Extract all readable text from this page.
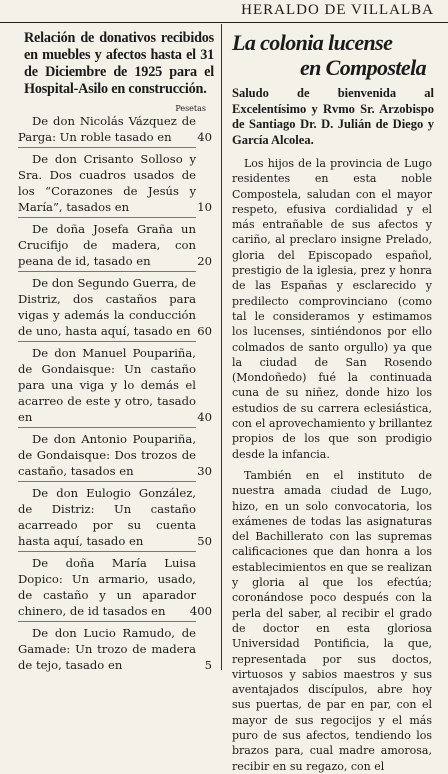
HERALDO DE VILLALBA
Relación de donativos recibidos en muebles y afectos hasta el 31 de Diciembre de 1925 para el Hospital-Asilo en construcción.
Pesetas
De don Nicolás Vázquez de Parga: Un roble tasado en	40
De don Crisanto Solloso y Sra. Dos cuadros usados de los “Corazones de Jesús y María”, tasados en	10
De doña Josefa Graña un Crucifijo de madera, con peana de id, tasado en	20
De don Segundo Guerra, de Distriz, dos castaños para vigas y además la conducción de uno, hasta aquí, tasado en 60
De don Manuel Poupariña, de Gondaisque: Un castaño para una viga y lo demás el acarreo de este y otro, tasado en	40
De don Antonio Poupariña, de Gondaisque: Dos trozos de castaño, tasados en	30
De don Eulogio González, de Distriz: Un castaño acarreado por su cuenta hasta aquí, tasado en	50
De doña María Luisa Dopico: Un armario, usado, de castaño y un aparador chinero, de id tasados en	400
De don Lucio Ramudo, de Gamade: Un trozo de madera de tejo, tasado en	5
La colonia lucense
en Compostela
Saludo de bienvenida al Excelentísimo y Rvmo Sr. Arzobispo de Santiago Dr. D. Julián de Diego y García Alcolea.

Los hijos de la provincia de Lugo residentes en esta noble Compostela, saludan con el mayor respeto, efusiva cordialidad y el más entrañable de sus afectos y cariño, al preclaro insigne Prelado, gloria del Episcopado español, prestigio de la iglesia, prez y honra de las Españas y esclarecido y predilecto comprovinciano (como tal le consideramos y estimamos los lucenses, sintiéndonos por ello colmados de santo orgullo) ya que la ciudad de San Rosendo (Mondoñedo) fué la continuada cuna de su niñez, donde hizo los estudios de su carrera eclesiástica, con el aprovechamiento y brillantez propios de los que son prodigio desde la infancia.

También en el instituto de nuestra amada ciudad de Lugo, hizo, en un solo convocatoria, los exámenes de todas las asignaturas del Bachillerato con las supremas calificaciones que dan honra a los establecimientos en que se realizan y gloria al que los efectúa; coronándose poco después con la perla del saber, al recibir el grado de doctor en esta gloriosa Universidad Pontificia, la que, representada por sus doctos, virtuosos y sabios maestros y sus aventajados discípulos, abre hoy sus puertas, de par en par, con el mayor de sus regocijos y el más puro de sus afectos, tendiendo los brazos para, cual madre amorosa, recibir en su regazo, con el
